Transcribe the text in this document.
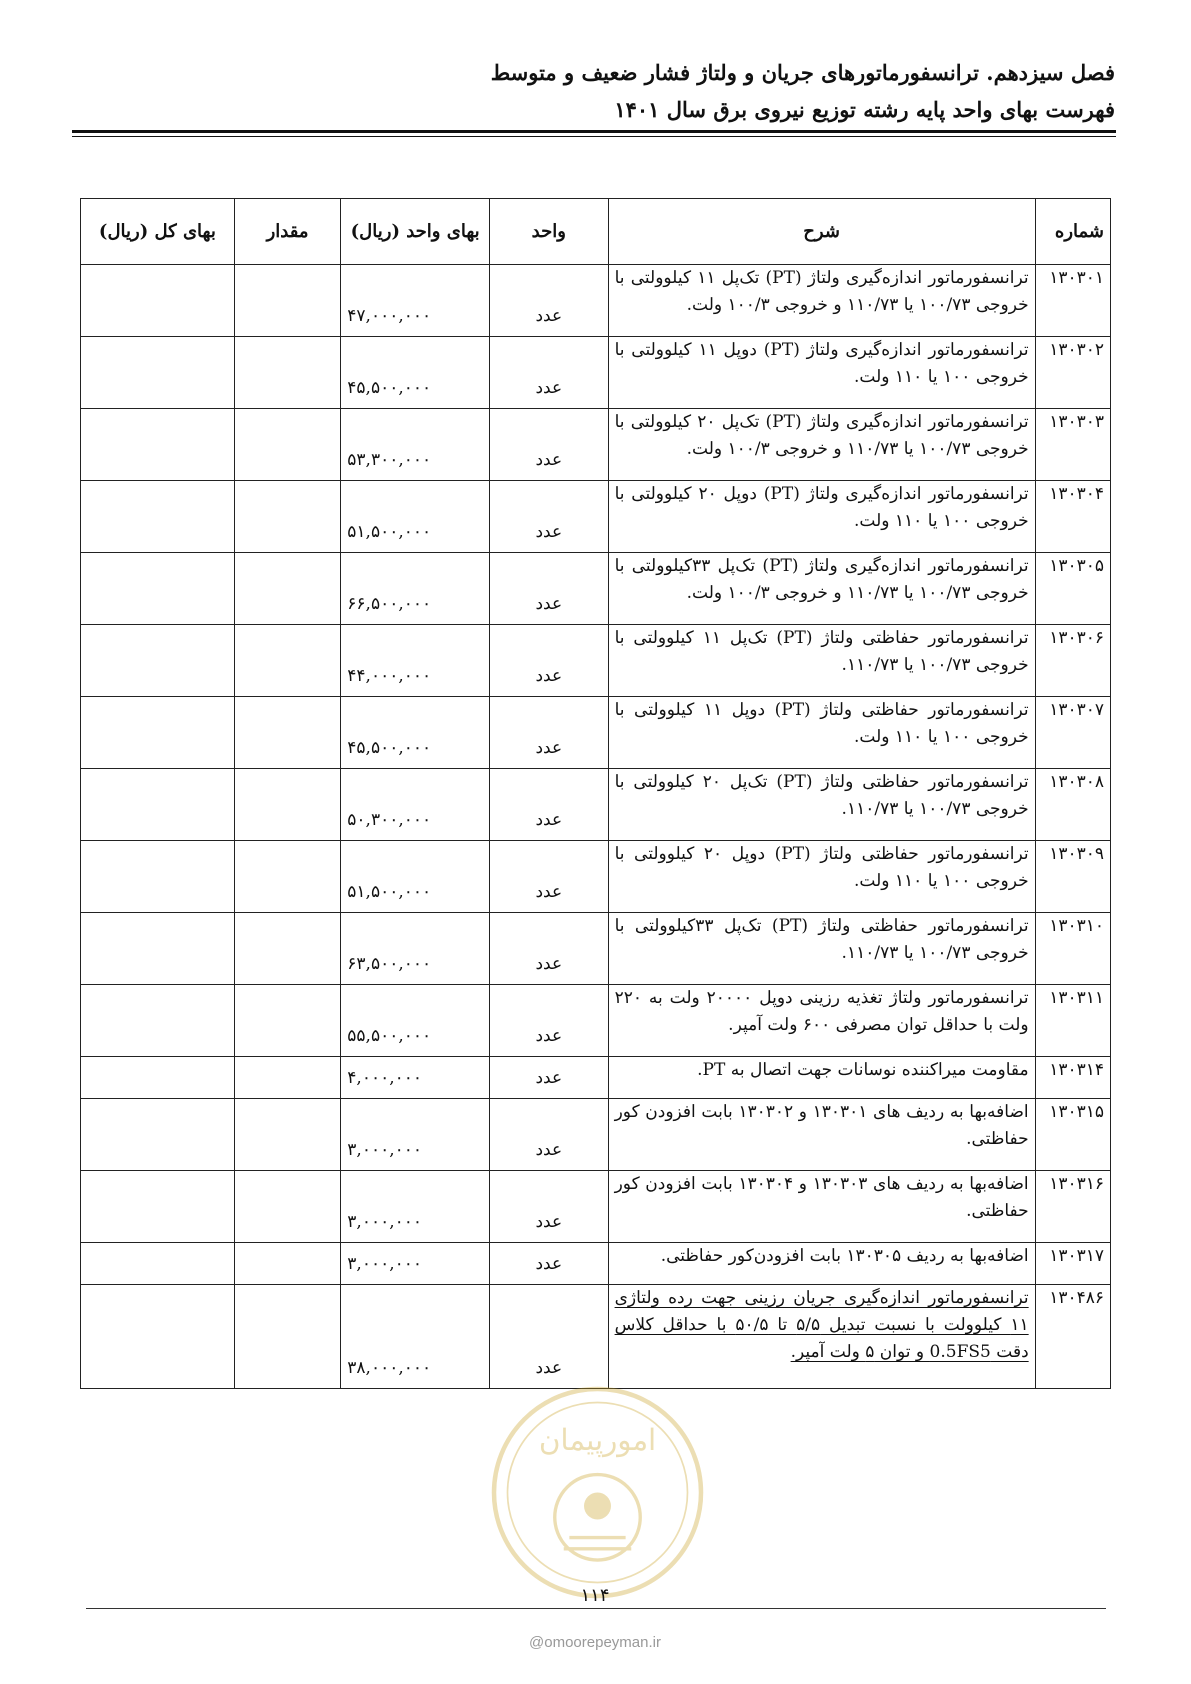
فصل سیزدهم. ترانسفورماتورهای جریان و ولتاژ فشار ضعیف و متوسط
فهرست بهای واحد پایه رشته توزیع نیروی برق سال ۱۴۰۱
شماره	شرح	واحد	بهای واحد (ریال)	مقدار	بهای کل (ریال)
۱۳۰۳۰۱	ترانسفورماتور اندازه‌گیری ولتاژ (PT) تک‌پل ۱۱ کیلوولتی با خروجی ۱۰۰/۷۳ یا ۱۱۰/۷۳ و خروجی ۱۰۰/۳ ولت.	عدد	۴۷,۰۰۰,۰۰۰		
۱۳۰۳۰۲	ترانسفورماتور اندازه‌گیری ولتاژ (PT) دوپل ۱۱ کیلوولتی با خروجی ۱۰۰ یا ۱۱۰ ولت.	عدد	۴۵,۵۰۰,۰۰۰		
۱۳۰۳۰۳	ترانسفورماتور اندازه‌گیری ولتاژ (PT) تک‌پل ۲۰ کیلوولتی با خروجی ۱۰۰/۷۳ یا ۱۱۰/۷۳ و خروجی ۱۰۰/۳ ولت.	عدد	۵۳,۳۰۰,۰۰۰		
۱۳۰۳۰۴	ترانسفورماتور اندازه‌گیری ولتاژ (PT) دوپل ۲۰ کیلوولتی با خروجی ۱۰۰ یا ۱۱۰ ولت.	عدد	۵۱,۵۰۰,۰۰۰		
۱۳۰۳۰۵	ترانسفورماتور اندازه‌گیری ولتاژ (PT) تک‌پل ۳۳کیلوولتی با خروجی ۱۰۰/۷۳ یا ۱۱۰/۷۳ و خروجی ۱۰۰/۳ ولت.	عدد	۶۶,۵۰۰,۰۰۰		
۱۳۰۳۰۶	ترانسفورماتور حفاظتی ولتاژ (PT) تک‌پل ۱۱ کیلوولتی با خروجی ۱۰۰/۷۳ یا ۱۱۰/۷۳.	عدد	۴۴,۰۰۰,۰۰۰		
۱۳۰۳۰۷	ترانسفورماتور حفاظتی ولتاژ (PT) دوپل ۱۱ کیلوولتی با خروجی ۱۰۰ یا ۱۱۰ ولت.	عدد	۴۵,۵۰۰,۰۰۰		
۱۳۰۳۰۸	ترانسفورماتور حفاظتی ولتاژ (PT) تک‌پل ۲۰ کیلوولتی با خروجی ۱۰۰/۷۳ یا ۱۱۰/۷۳.	عدد	۵۰,۳۰۰,۰۰۰		
۱۳۰۳۰۹	ترانسفورماتور حفاظتی ولتاژ (PT) دوپل ۲۰ کیلوولتی با خروجی ۱۰۰ یا ۱۱۰ ولت.	عدد	۵۱,۵۰۰,۰۰۰		
۱۳۰۳۱۰	ترانسفورماتور حفاظتی ولتاژ (PT) تک‌پل ۳۳کیلوولتی با خروجی ۱۰۰/۷۳ یا ۱۱۰/۷۳.	عدد	۶۳,۵۰۰,۰۰۰		
۱۳۰۳۱۱	ترانسفورماتور ولتاژ تغذیه رزینی دوپل ۲۰۰۰۰ ولت به ۲۲۰ ولت با حداقل توان مصرفی ۶۰۰ ولت آمپر.	عدد	۵۵,۵۰۰,۰۰۰		
۱۳۰۳۱۴	مقاومت میراکننده نوسانات جهت اتصال به PT.	عدد	۴,۰۰۰,۰۰۰		
۱۳۰۳۱۵	اضافه‌بها به ردیف های ۱۳۰۳۰۱ و ۱۳۰۳۰۲ بابت افزودن کور حفاظتی.	عدد	۳,۰۰۰,۰۰۰		
۱۳۰۳۱۶	اضافه‌بها به ردیف های ۱۳۰۳۰۳ و ۱۳۰۳۰۴ بابت افزودن کور حفاظتی.	عدد	۳,۰۰۰,۰۰۰		
۱۳۰۳۱۷	اضافه‌بها به ردیف ۱۳۰۳۰۵ بابت افزودن‌کور حفاظتی.	عدد	۳,۰۰۰,۰۰۰		
۱۳۰۴۸۶	ترانسفورماتور اندازه‌گیری جریان رزینی جهت رده ولتاژی ۱۱ کیلوولت با نسبت تبدیل ۵/۵ تا ۵۰/۵ با حداقل کلاس دقت 0.5FS5 و توان ۵ ولت آمپر.	عدد	۳۸,۰۰۰,۰۰۰		
امورپیمان
۱۱۴
@omoorepeyman.ir
